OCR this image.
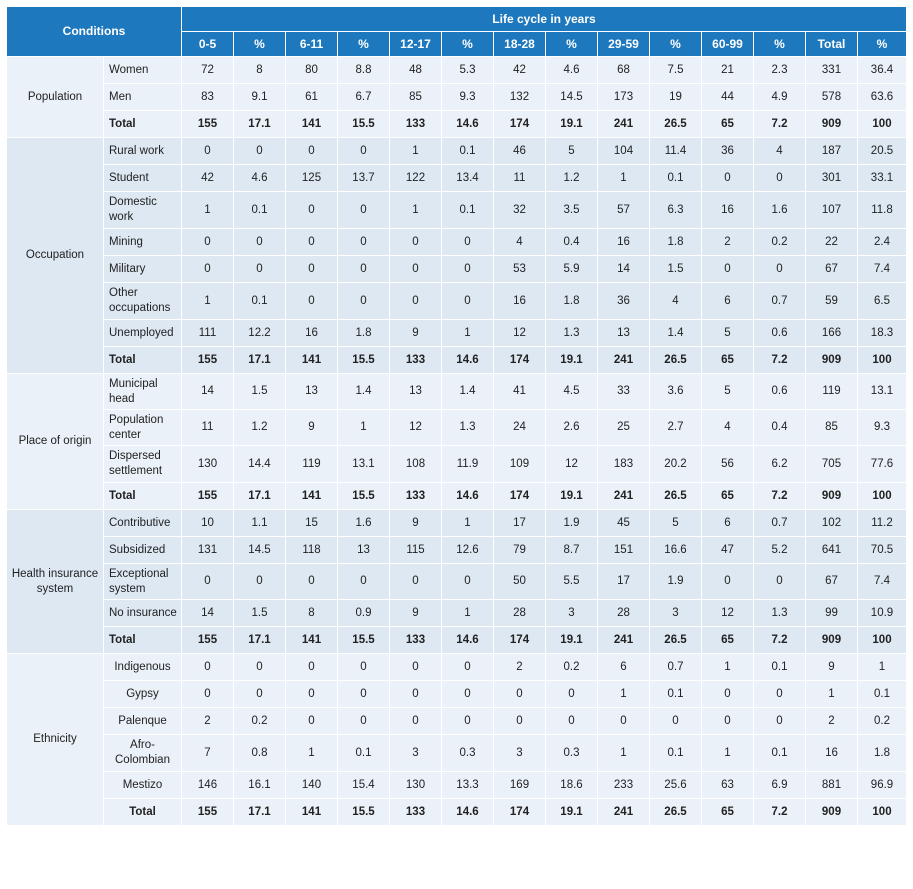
Conditions		Life cycle in years													
		0-5	%	6-11	%	12-17	%	18-28	%	29-59	%	60-99	%	Total	%
Population	Women	72	8	80	8.8	48	5.3	42	4.6	68	7.5	21	2.3	331	36.4
	Men	83	9.1	61	6.7	85	9.3	132	14.5	173	19	44	4.9	578	63.6
	Total	155	17.1	141	15.5	133	14.6	174	19.1	241	26.5	65	7.2	909	100
Occupation	Rural work	0	0	0	0	1	0.1	46	5	104	11.4	36	4	187	20.5
	Student	42	4.6	125	13.7	122	13.4	11	1.2	1	0.1	0	0	301	33.1
	Domestic work	1	0.1	0	0	1	0.1	32	3.5	57	6.3	16	1.6	107	11.8
	Mining	0	0	0	0	0	0	4	0.4	16	1.8	2	0.2	22	2.4
	Military	0	0	0	0	0	0	53	5.9	14	1.5	0	0	67	7.4
	Other occupations	1	0.1	0	0	0	0	16	1.8	36	4	6	0.7	59	6.5
	Unemployed	111	12.2	16	1.8	9	1	12	1.3	13	1.4	5	0.6	166	18.3
	Total	155	17.1	141	15.5	133	14.6	174	19.1	241	26.5	65	7.2	909	100
Place of origin	Municipal head	14	1.5	13	1.4	13	1.4	41	4.5	33	3.6	5	0.6	119	13.1
	Population center	11	1.2	9	1	12	1.3	24	2.6	25	2.7	4	0.4	85	9.3
	Dispersed settlement	130	14.4	119	13.1	108	11.9	109	12	183	20.2	56	6.2	705	77.6
	Total	155	17.1	141	15.5	133	14.6	174	19.1	241	26.5	65	7.2	909	100
Health insurance system	Contributive	10	1.1	15	1.6	9	1	17	1.9	45	5	6	0.7	102	11.2
	Subsidized	131	14.5	118	13	115	12.6	79	8.7	151	16.6	47	5.2	641	70.5
	Exceptional system	0	0	0	0	0	0	50	5.5	17	1.9	0	0	67	7.4
	No insurance	14	1.5	8	0.9	9	1	28	3	28	3	12	1.3	99	10.9
	Total	155	17.1	141	15.5	133	14.6	174	19.1	241	26.5	65	7.2	909	100
Ethnicity	Indigenous	0	0	0	0	0	0	2	0.2	6	0.7	1	0.1	9	1
	Gypsy	0	0	0	0	0	0	0	0	1	0.1	0	0	1	0.1
	Palenque	2	0.2	0	0	0	0	0	0	0	0	0	0	2	0.2
	Afro-Colombian	7	0.8	1	0.1	3	0.3	3	0.3	1	0.1	1	0.1	16	1.8
	Mestizo	146	16.1	140	15.4	130	13.3	169	18.6	233	25.6	63	6.9	881	96.9
	Total	155	17.1	141	15.5	133	14.6	174	19.1	241	26.5	65	7.2	909	100
